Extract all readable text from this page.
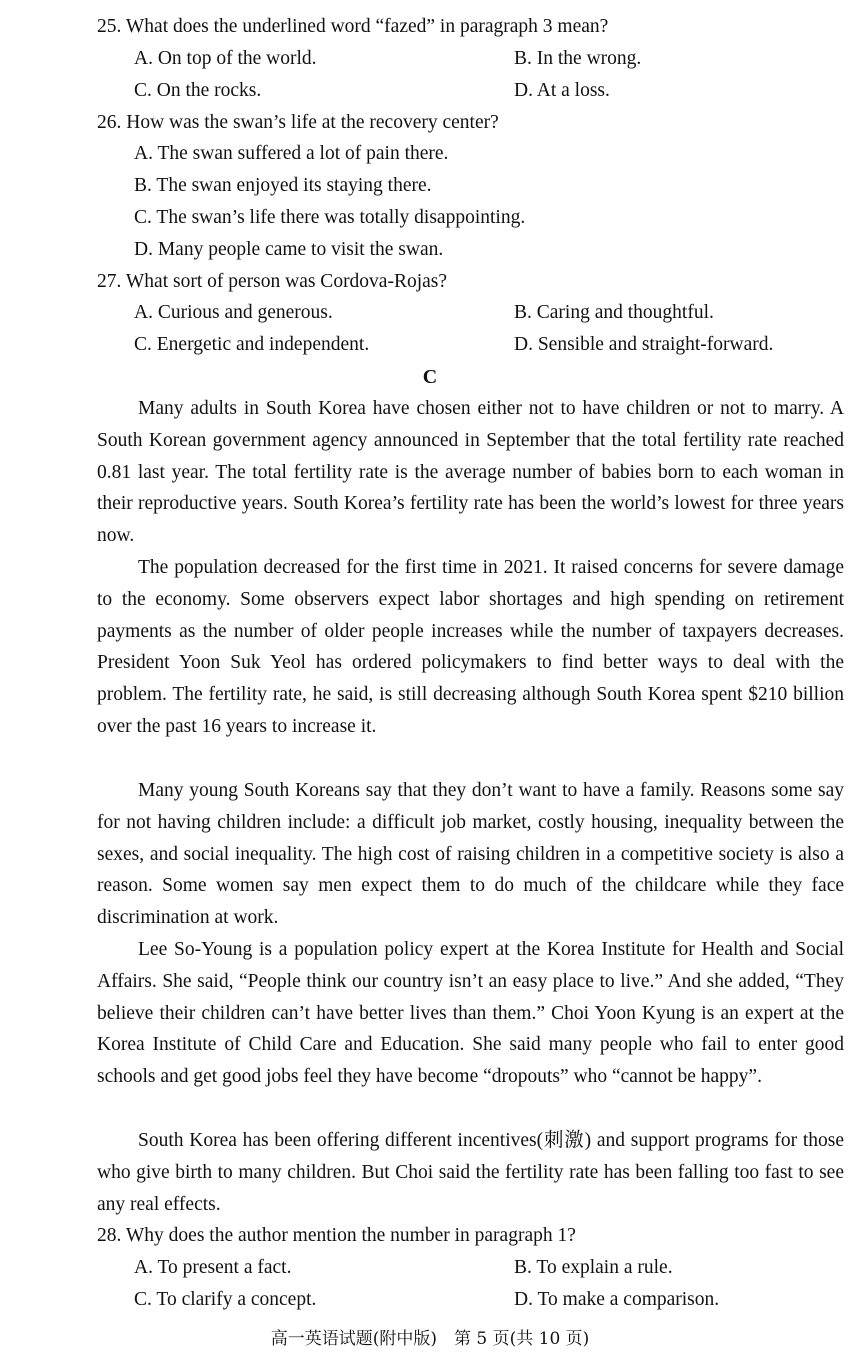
25. What does the underlined word “fazed” in paragraph 3 mean?
A. On top of the world.	B. In the wrong.
C. On the rocks.	D. At a loss.
26. How was the swan’s life at the recovery center?
A. The swan suffered a lot of pain there.
B. The swan enjoyed its staying there.
C. The swan’s life there was totally disappointing.
D. Many people came to visit the swan.
27. What sort of person was Cordova-Rojas?
A. Curious and generous.	B. Caring and thoughtful.
C. Energetic and independent.	D. Sensible and straight-forward.
C

Many adults in South Korea have chosen either not to have children or not to marry. A South Korean government agency announced in September that the total fertility rate reached 0.81 last year. The total fertility rate is the average number of babies born to each woman in their reproductive years. South Korea’s fertility rate has been the world’s lowest for three years now.

The population decreased for the first time in 2021. It raised concerns for severe damage to the economy. Some observers expect labor shortages and high spending on retirement payments as the number of older people increases while the number of taxpayers decreases. President Yoon Suk Yeol has ordered policymakers to find better ways to deal with the problem. The fertility rate, he said, is still decreasing although South Korea spent $210 billion over the past 16 years to increase it.

Many young South Koreans say that they don’t want to have a family. Reasons some say for not having children include: a difficult job market, costly housing, inequality between the sexes, and social inequality. The high cost of raising children in a competitive society is also a reason. Some women say men expect them to do much of the childcare while they face discrimination at work.

Lee So-Young is a population policy expert at the Korea Institute for Health and Social Affairs. She said, “People think our country isn’t an easy place to live.” And she added, “They believe their children can’t have better lives than them.” Choi Yoon Kyung is an expert at the Korea Institute of Child Care and Education. She said many people who fail to enter good schools and get good jobs feel they have become “dropouts” who “cannot be happy”.

South Korea has been offering different incentives(刺激) and support programs for those who give birth to many children. But Choi said the fertility rate has been falling too fast to see any real effects.

28. Why does the author mention the number in paragraph 1?
A. To present a fact.	B. To explain a rule.
C. To clarify a concept.	D. To make a comparison.
高一英语试题(附中版)　第 5 页(共 10 页)
